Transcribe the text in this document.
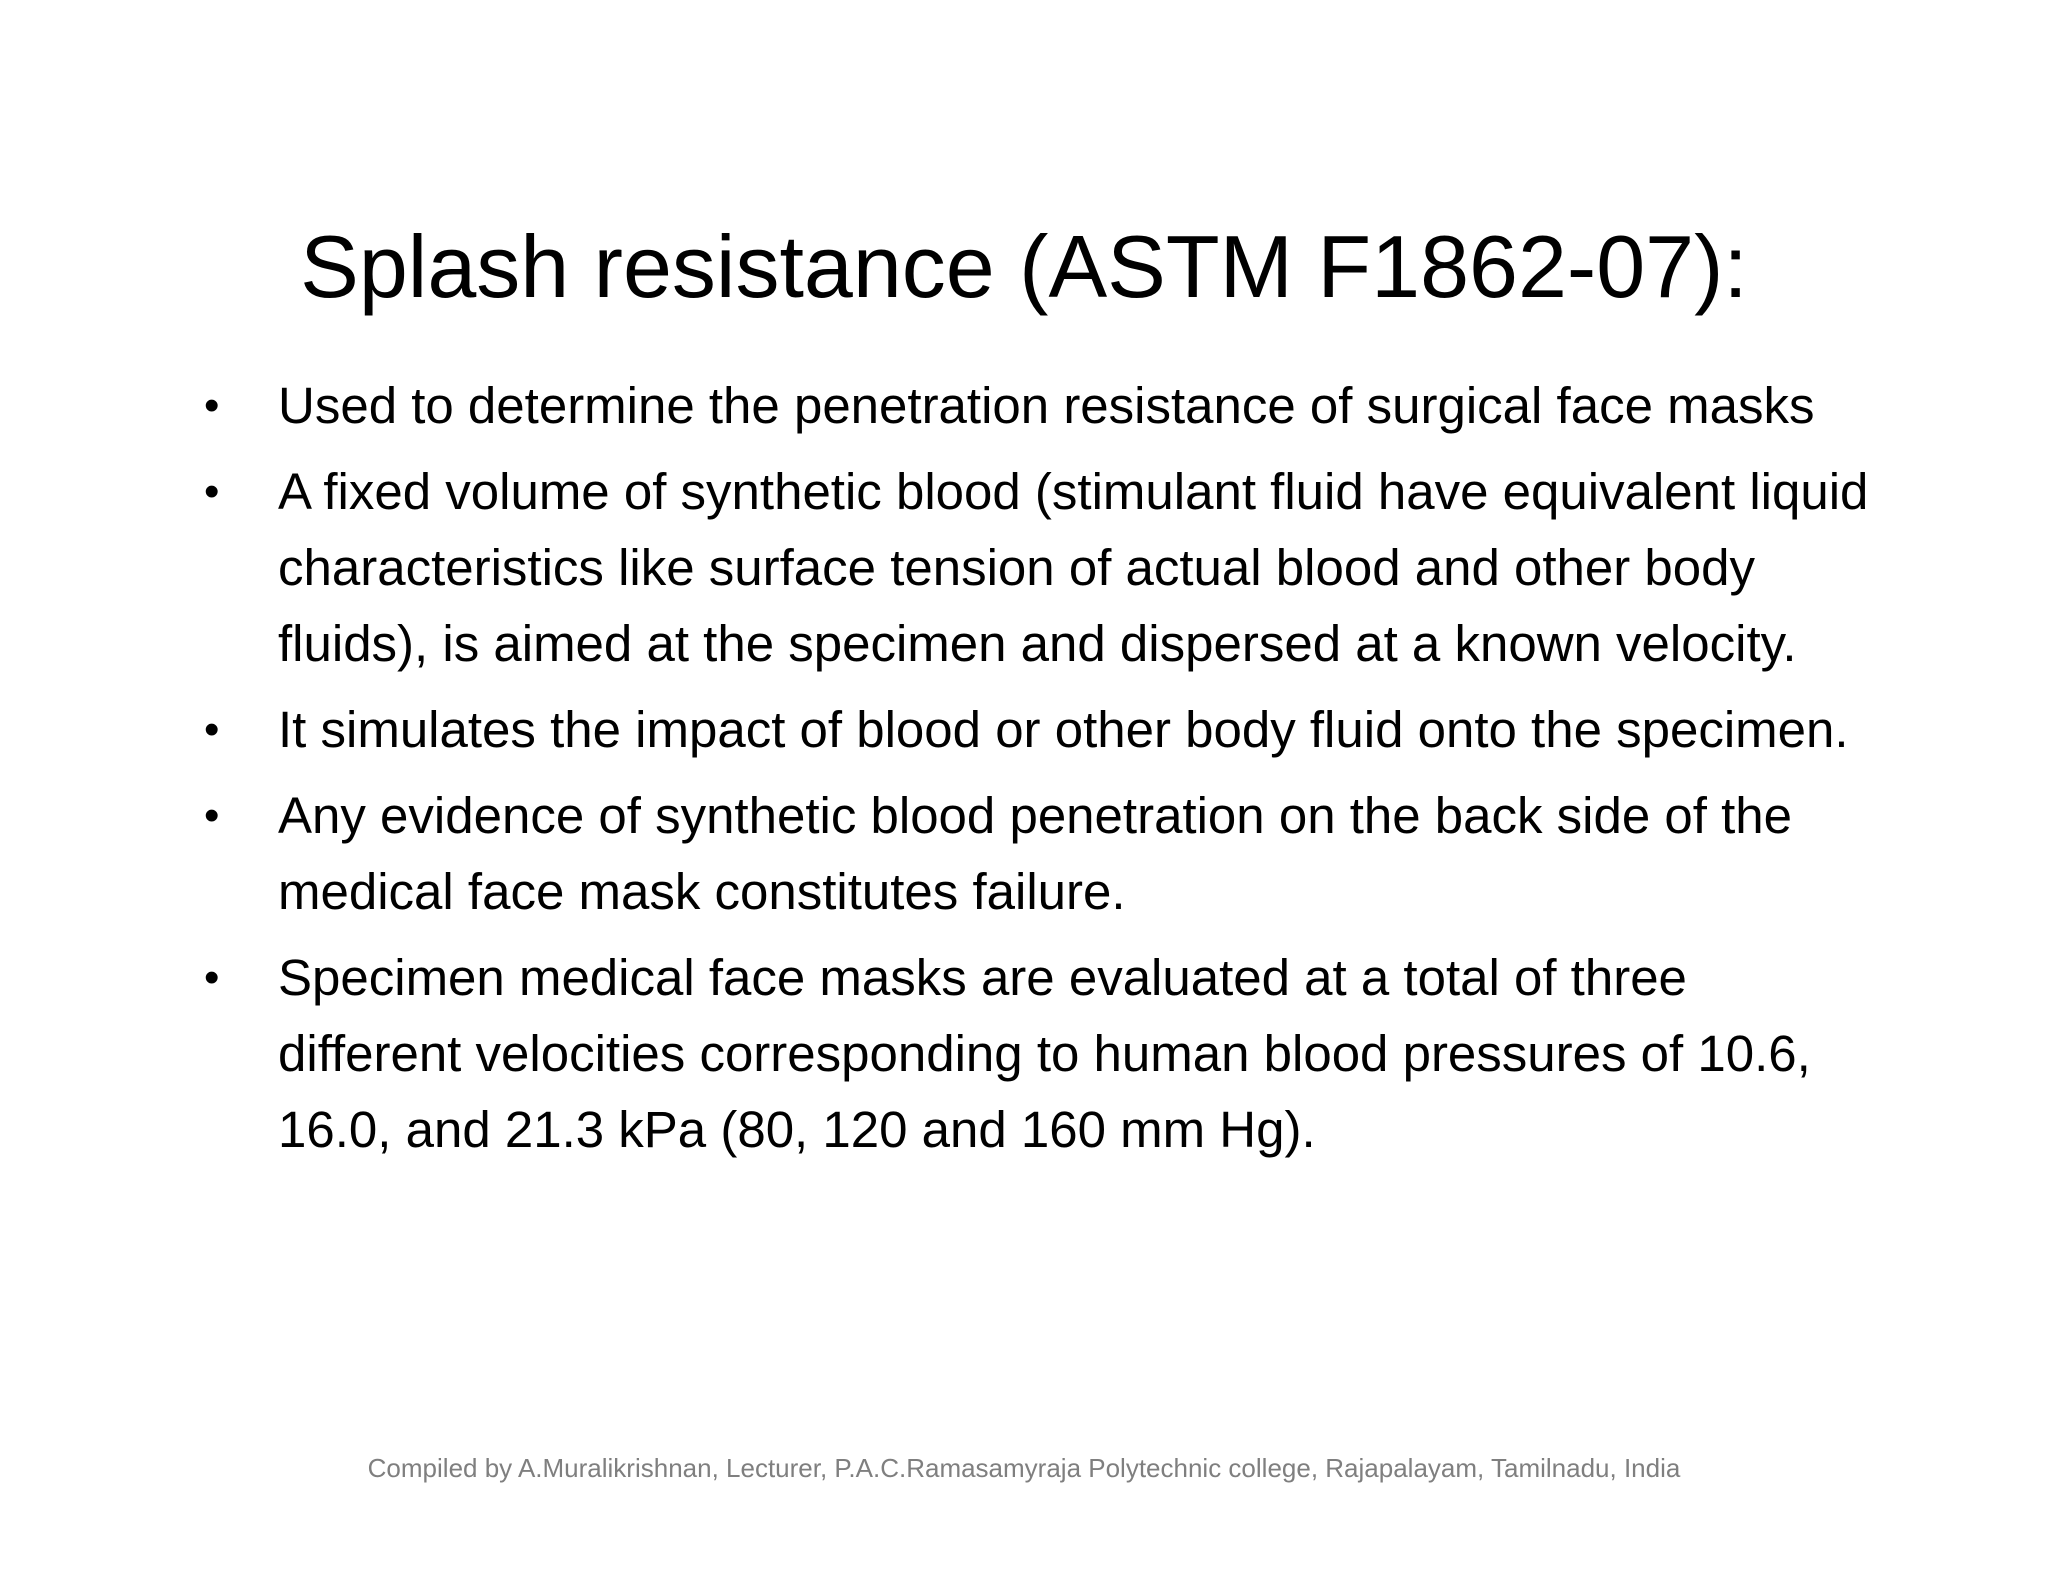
Splash resistance (ASTM F1862-07):
• Used to determine the penetration resistance of surgical face masks
• A fixed volume of synthetic blood (stimulant fluid have equivalent liquid characteristics like surface tension of actual blood and other body fluids), is aimed at the specimen and dispersed at a known velocity.
• It simulates the impact of blood or other body fluid onto the specimen.
• Any evidence of synthetic blood penetration on the back side of the medical face mask constitutes failure.
• Specimen medical face masks are evaluated at a total of three different velocities corresponding to human blood pressures of 10.6, 16.0, and 21.3 kPa (80, 120 and 160 mm Hg).
Compiled by A.Muralikrishnan, Lecturer, P.A.C.Ramasamyraja Polytechnic college, Rajapalayam, Tamilnadu, India
